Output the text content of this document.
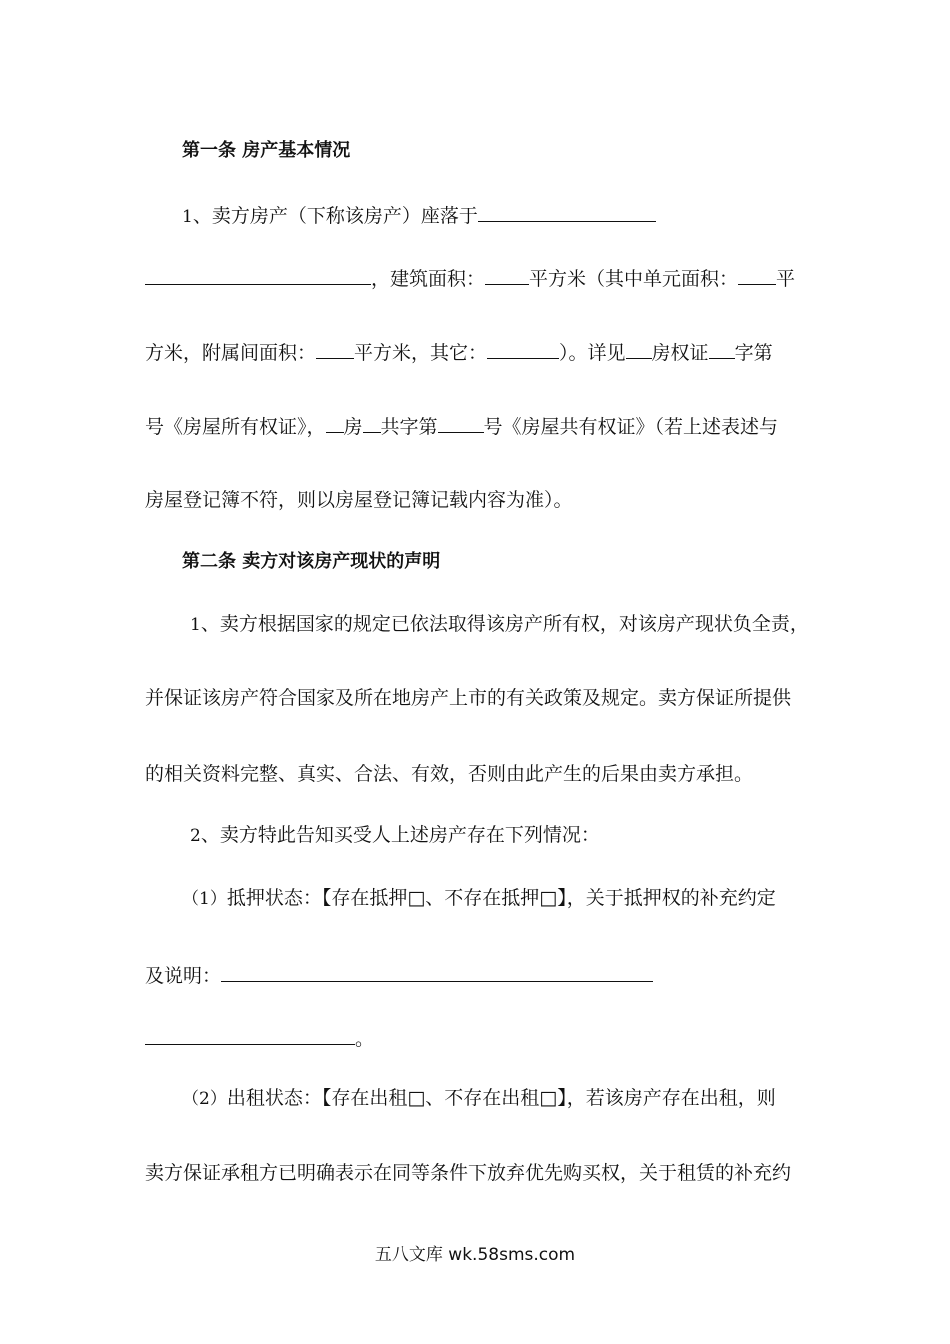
第一条 房产基本情况
1、卖方房产（下称该房产）座落于
，建筑面积： 平方米（其中单元面积： 平
方米，附属间面积： 平方米，其它：	）。详见 房权证 字第
号《房屋所有权证》， 房 共字第 号《房屋共有权证》（若上述表述与
房屋登记簿不符，则以房屋登记簿记载内容为准）。
第二条 卖方对该房产现状的声明
1、卖方根据国家的规定已依法取得该房产所有权，对该房产现状负全责，
并保证该房产符合国家及所在地房产上市的有关政策及规定。卖方保证所提供
的相关资料完整、真实、合法、有效，否则由此产生的后果由卖方承担。
2、卖方特此告知买受人上述房产存在下列情况：
（1）抵押状态：【存在抵押□、不存在抵押□】，关于抵押权的补充约定
及说明：
。
（2）出租状态：【存在出租□、不存在出租□】，若该房产存在出租，则
卖方保证承租方已明确表示在同等条件下放弃优先购买权，关于租赁的补充约
五八文库 wk.58sms.com
